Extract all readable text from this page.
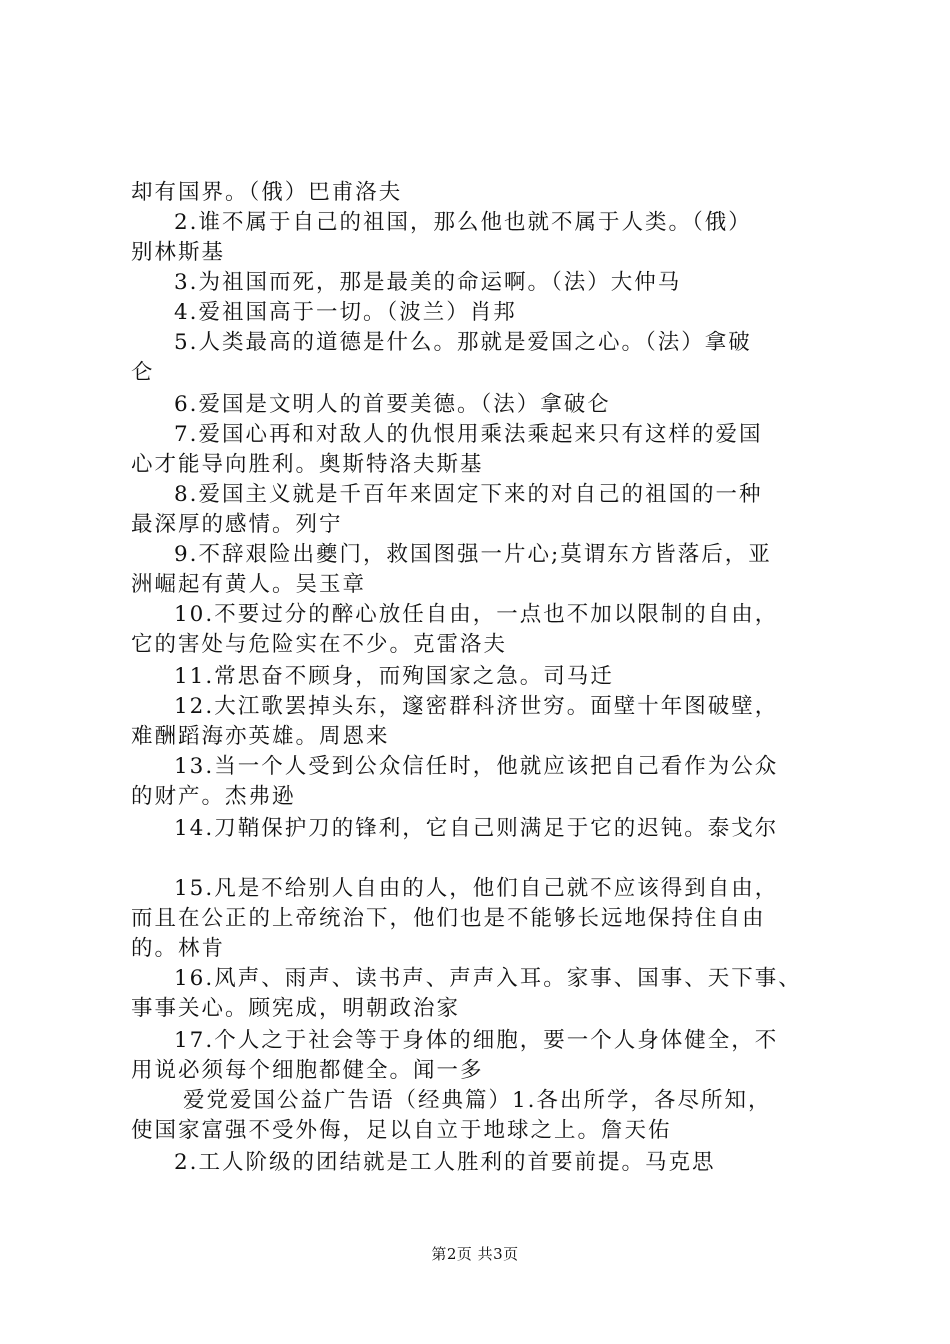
却有国界。（俄）巴甫洛夫
2.谁不属于自己的祖国，那么他也就不属于人类。（俄）
别林斯基
3.为祖国而死，那是最美的命运啊。（法）大仲马
4.爱祖国高于一切。（波兰）肖邦
5.人类最高的道德是什么。那就是爱国之心。（法）拿破
仑
6.爱国是文明人的首要美德。（法）拿破仑
7.爱国心再和对敌人的仇恨用乘法乘起来只有这样的爱国
心才能导向胜利。奥斯特洛夫斯基
8.爱国主义就是千百年来固定下来的对自己的祖国的一种
最深厚的感情。列宁
9.不辞艰险出夔门，救国图强一片心;莫谓东方皆落后，亚
洲崛起有黄人。吴玉章
10.不要过分的醉心放任自由，一点也不加以限制的自由，
它的害处与危险实在不少。克雷洛夫
11.常思奋不顾身，而殉国家之急。司马迁
12.大江歌罢掉头东，邃密群科济世穷。面壁十年图破壁，
难酬蹈海亦英雄。周恩来
13.当一个人受到公众信任时，他就应该把自己看作为公众
的财产。杰弗逊
14.刀鞘保护刀的锋利，它自己则满足于它的迟钝。泰戈尔
15.凡是不给别人自由的人，他们自己就不应该得到自由，
而且在公正的上帝统治下，他们也是不能够长远地保持住自由
的。林肯
16.风声、雨声、读书声、声声入耳。家事、国事、天下事、
事事关心。顾宪成，明朝政治家
17.个人之于社会等于身体的细胞，要一个人身体健全，不
用说必须每个细胞都健全。闻一多
爱党爱国公益广告语（经典篇）1.各出所学，各尽所知，
使国家富强不受外侮，足以自立于地球之上。詹天佑
2.工人阶级的团结就是工人胜利的首要前提。马克思
第2页 共3页
